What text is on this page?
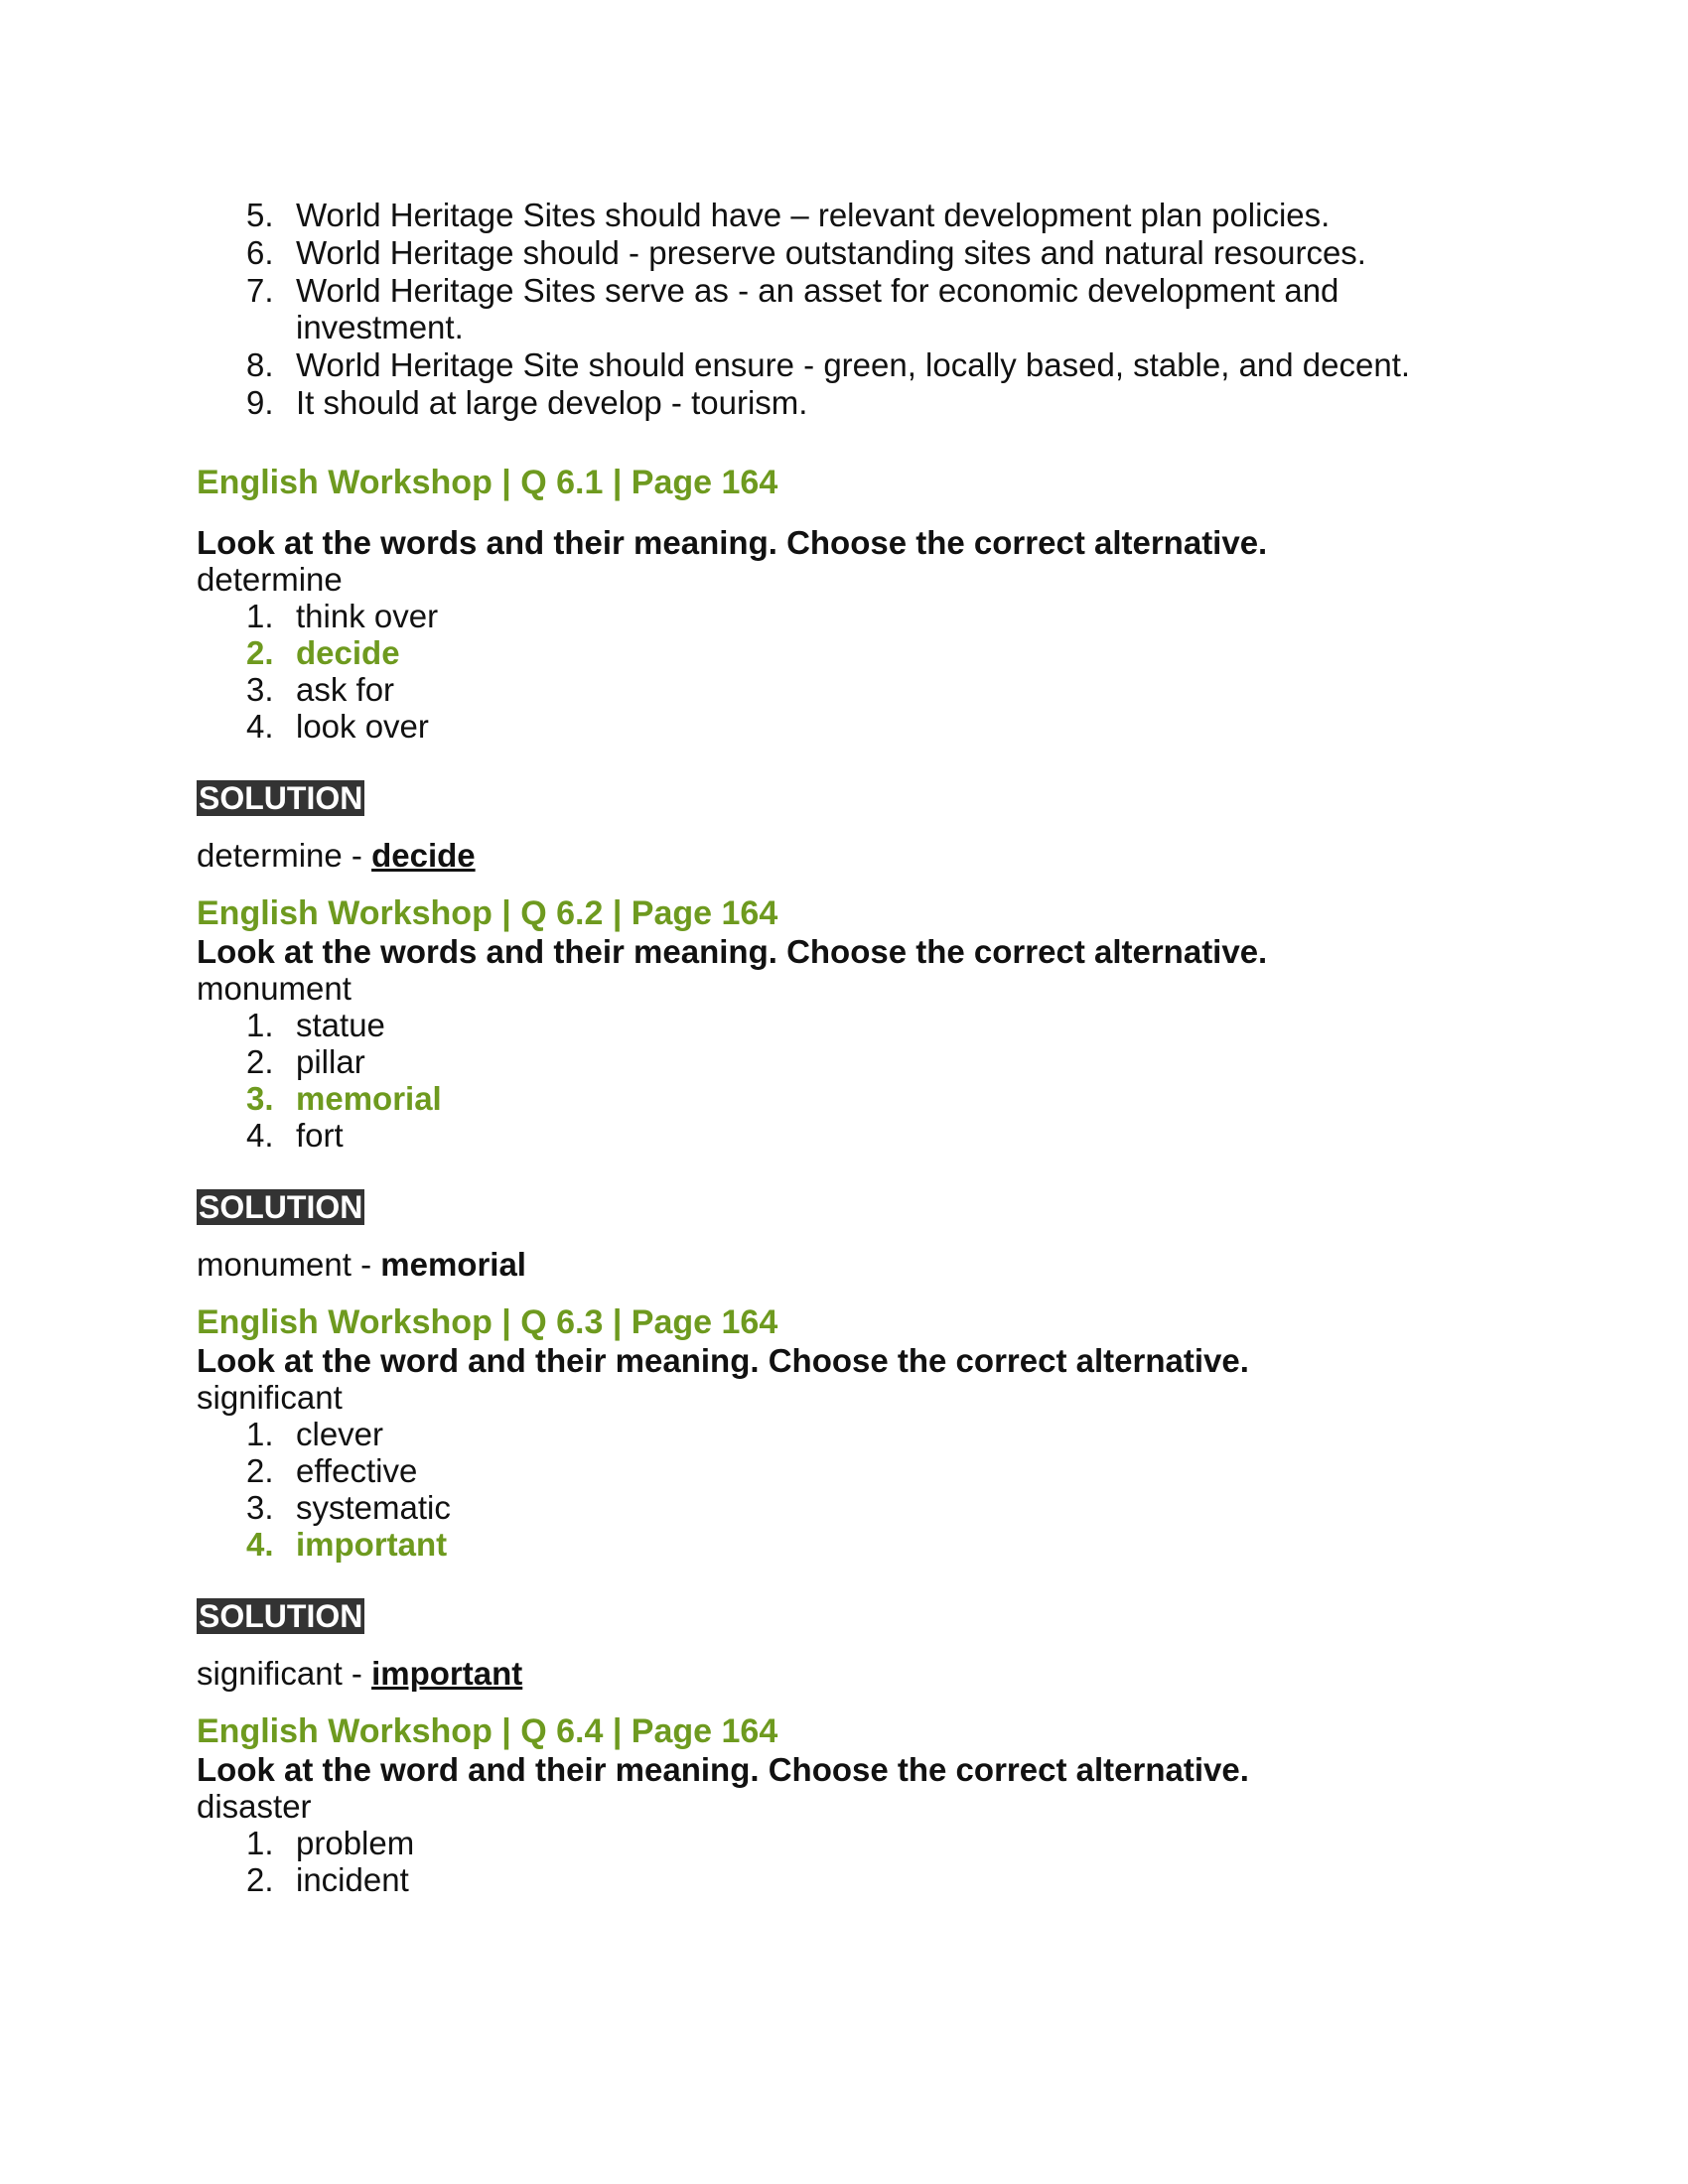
5. World Heritage Sites should have – relevant development plan policies.
6. World Heritage should - preserve outstanding sites and natural resources.
7. World Heritage Sites serve as - an asset for economic development and investment.
8. World Heritage Site should ensure - green, locally based, stable, and decent.
9. It should at large develop - tourism.
English Workshop | Q 6.1 | Page 164
Look at the words and their meaning. Choose the correct alternative.
determine
1. think over
2. decide
3. ask for
4. look over
SOLUTION
determine - decide
English Workshop | Q 6.2 | Page 164
Look at the words and their meaning. Choose the correct alternative.
monument
1. statue
2. pillar
3. memorial
4. fort
SOLUTION
monument - memorial
English Workshop | Q 6.3 | Page 164
Look at the word and their meaning. Choose the correct alternative.
significant
1. clever
2. effective
3. systematic
4. important
SOLUTION
significant - important
English Workshop | Q 6.4 | Page 164
Look at the word and their meaning. Choose the correct alternative.
disaster
1. problem
2. incident
